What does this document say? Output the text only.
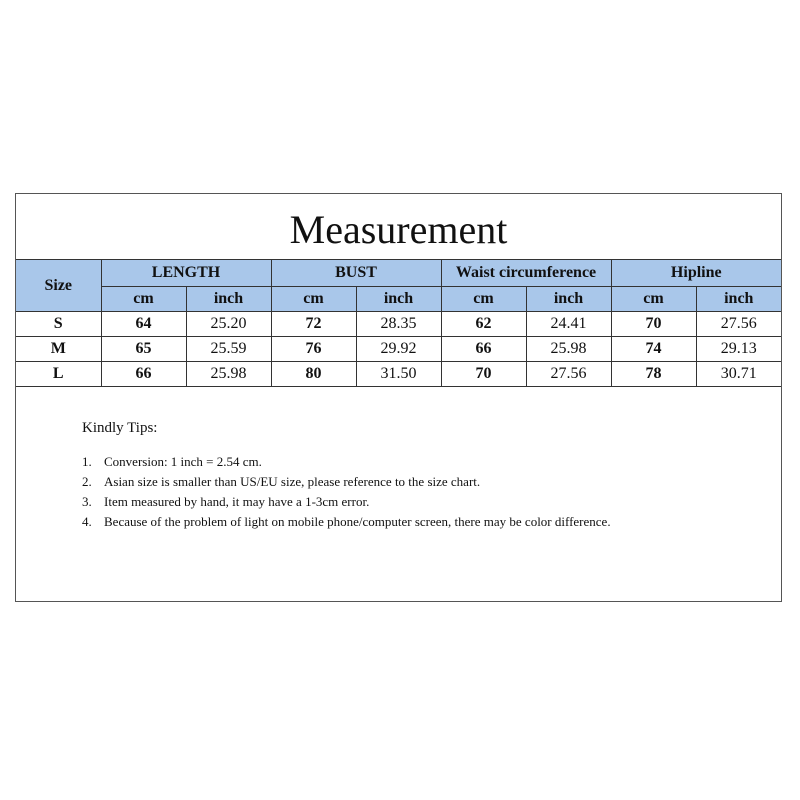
Measurement
Size	LENGTH		BUST		Waist circumference		Hipline	
	cm	inch	cm	inch	cm	inch	cm	inch
S	64	25.20	72	28.35	62	24.41	70	27.56
M	65	25.59	76	29.92	66	25.98	74	29.13
L	66	25.98	80	31.50	70	27.56	78	30.71
Kindly Tips:
1. Conversion: 1 inch = 2.54 cm.
2. Asian size is smaller than US/EU size, please reference to the size chart.
3. Item measured by hand, it may have a 1-3cm error.
4. Because of the problem of light on mobile phone/computer screen, there may be color difference.
